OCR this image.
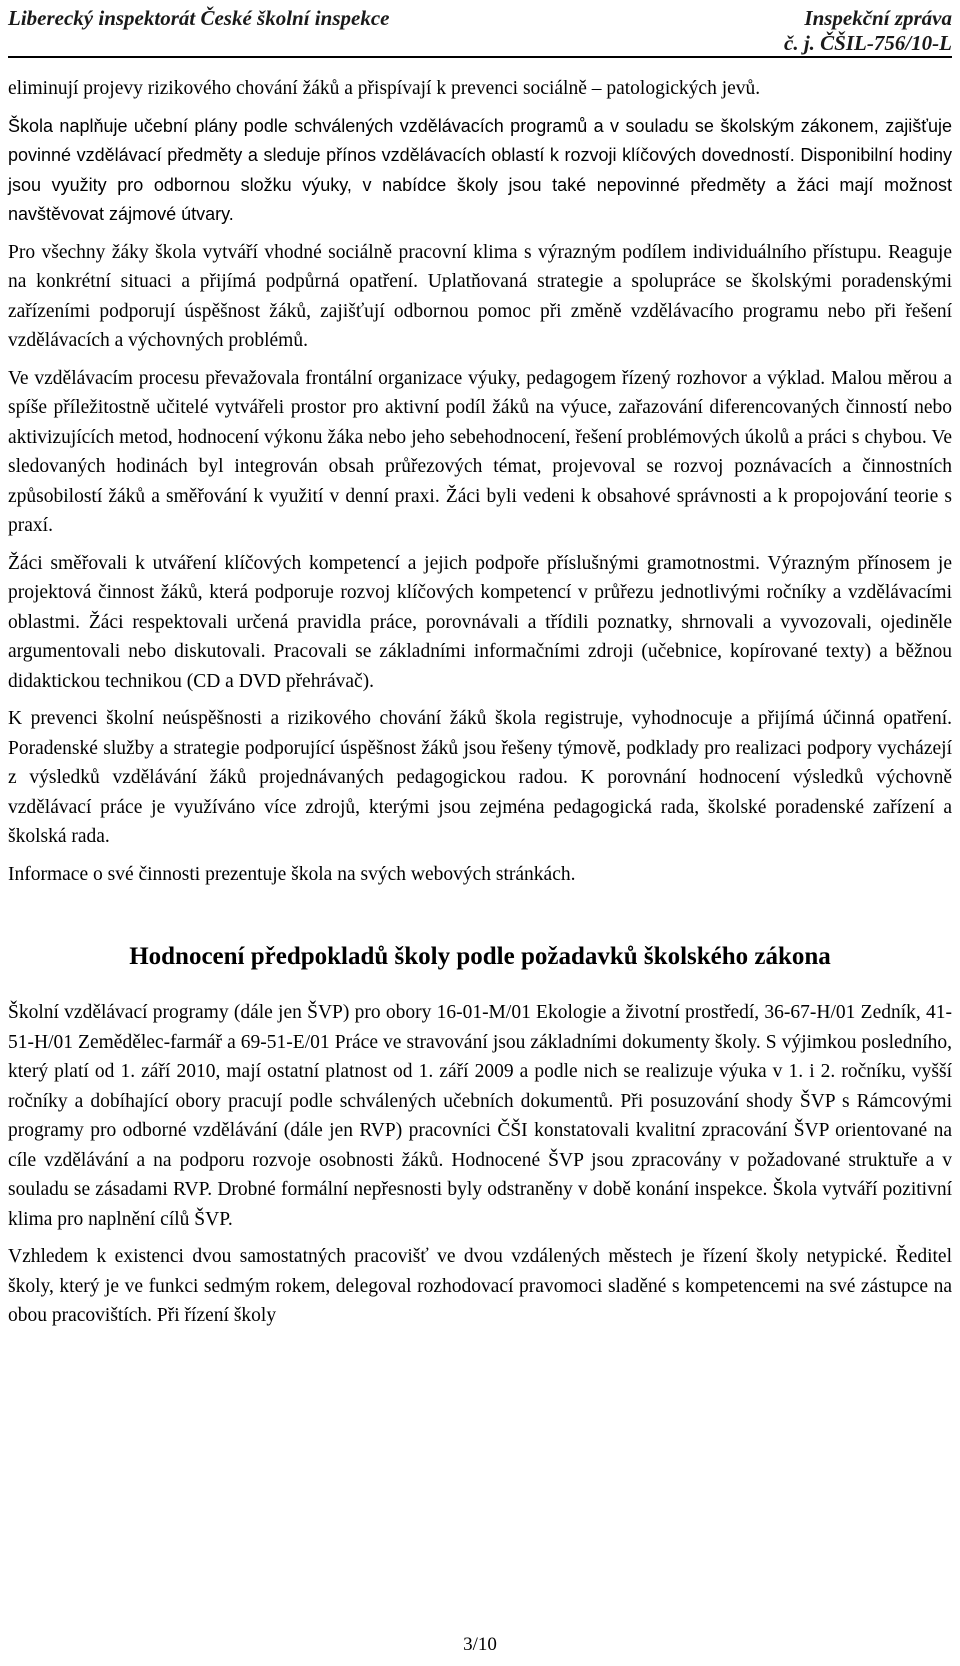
Liberecký inspektorát České školní inspekce	Inspekční zpráva
č. j. ČŠIL-756/10-L

eliminují projevy rizikového chování žáků a přispívají k prevenci sociálně – patologických jevů.

Škola naplňuje učební plány podle schválených vzdělávacích programů a v souladu se školským zákonem, zajišťuje povinné vzdělávací předměty a sleduje přínos vzdělávacích oblastí k rozvoji klíčových dovedností. Disponibilní hodiny jsou využity pro odbornou složku výuky, v nabídce školy jsou také nepovinné předměty a žáci mají možnost navštěvovat zájmové útvary.

Pro všechny žáky škola vytváří vhodné sociálně pracovní klima s výrazným podílem individuálního přístupu. Reaguje na konkrétní situaci a přijímá podpůrná opatření. Uplatňovaná strategie a spolupráce se školskými poradenskými zařízeními podporují úspěšnost žáků, zajišťují odbornou pomoc při změně vzdělávacího programu nebo při řešení vzdělávacích a výchovných problémů.

Ve vzdělávacím procesu převažovala frontální organizace výuky, pedagogem řízený rozhovor a výklad. Malou měrou a spíše příležitostně učitelé vytvářeli prostor pro aktivní podíl žáků na výuce, zařazování diferencovaných činností nebo aktivizujících metod, hodnocení výkonu žáka nebo jeho sebehodnocení, řešení problémových úkolů a práci s chybou. Ve sledovaných hodinách byl integrován obsah průřezových témat, projevoval se rozvoj poznávacích a činnostních způsobilostí žáků a směřování k využití v denní praxi. Žáci byli vedeni k obsahové správnosti a k propojování teorie s praxí.

Žáci směřovali k utváření klíčových kompetencí a jejich podpoře příslušnými gramotnostmi. Výrazným přínosem je projektová činnost žáků, která podporuje rozvoj klíčových kompetencí v průřezu jednotlivými ročníky a vzdělávacími oblastmi. Žáci respektovali určená pravidla práce, porovnávali a třídili poznatky, shrnovali a vyvozovali, ojediněle argumentovali nebo diskutovali. Pracovali se základními informačními zdroji (učebnice, kopírované texty) a běžnou didaktickou technikou (CD a DVD přehrávač).

K prevenci školní neúspěšnosti a rizikového chování žáků škola registruje, vyhodnocuje a přijímá účinná opatření. Poradenské služby a strategie podporující úspěšnost žáků jsou řešeny týmově, podklady pro realizaci podpory vycházejí z výsledků vzdělávání žáků projednávaných pedagogickou radou. K porovnání hodnocení výsledků výchovně vzdělávací práce je využíváno více zdrojů, kterými jsou zejména pedagogická rada, školské poradenské zařízení a školská rada.

Informace o své činnosti prezentuje škola na svých webových stránkách.

Hodnocení předpokladů školy podle požadavků školského zákona

Školní vzdělávací programy (dále jen ŠVP) pro obory 16-01-M/01 Ekologie a životní prostředí, 36-67-H/01 Zedník, 41-51-H/01 Zemědělec-farmář a 69-51-E/01 Práce ve stravování jsou základními dokumenty školy. S výjimkou posledního, který platí od 1. září 2010, mají ostatní platnost od 1. září 2009 a podle nich se realizuje výuka v 1. i 2. ročníku, vyšší ročníky a dobíhající obory pracují podle schválených učebních dokumentů. Při posuzování shody ŠVP s Rámcovými programy pro odborné vzdělávání (dále jen RVP) pracovníci ČŠI konstatovali kvalitní zpracování ŠVP orientované na cíle vzdělávání a na podporu rozvoje osobnosti žáků. Hodnocené ŠVP jsou zpracovány v požadované struktuře a v souladu se zásadami RVP. Drobné formální nepřesnosti byly odstraněny v době konání inspekce. Škola vytváří pozitivní klima pro naplnění cílů ŠVP.

Vzhledem k existenci dvou samostatných pracovišť ve dvou vzdálených městech je řízení školy netypické. Ředitel školy, který je ve funkci sedmým rokem, delegoval rozhodovací pravomoci sladěné s kompetencemi na své zástupce na obou pracovištích. Při řízení školy

3/10
